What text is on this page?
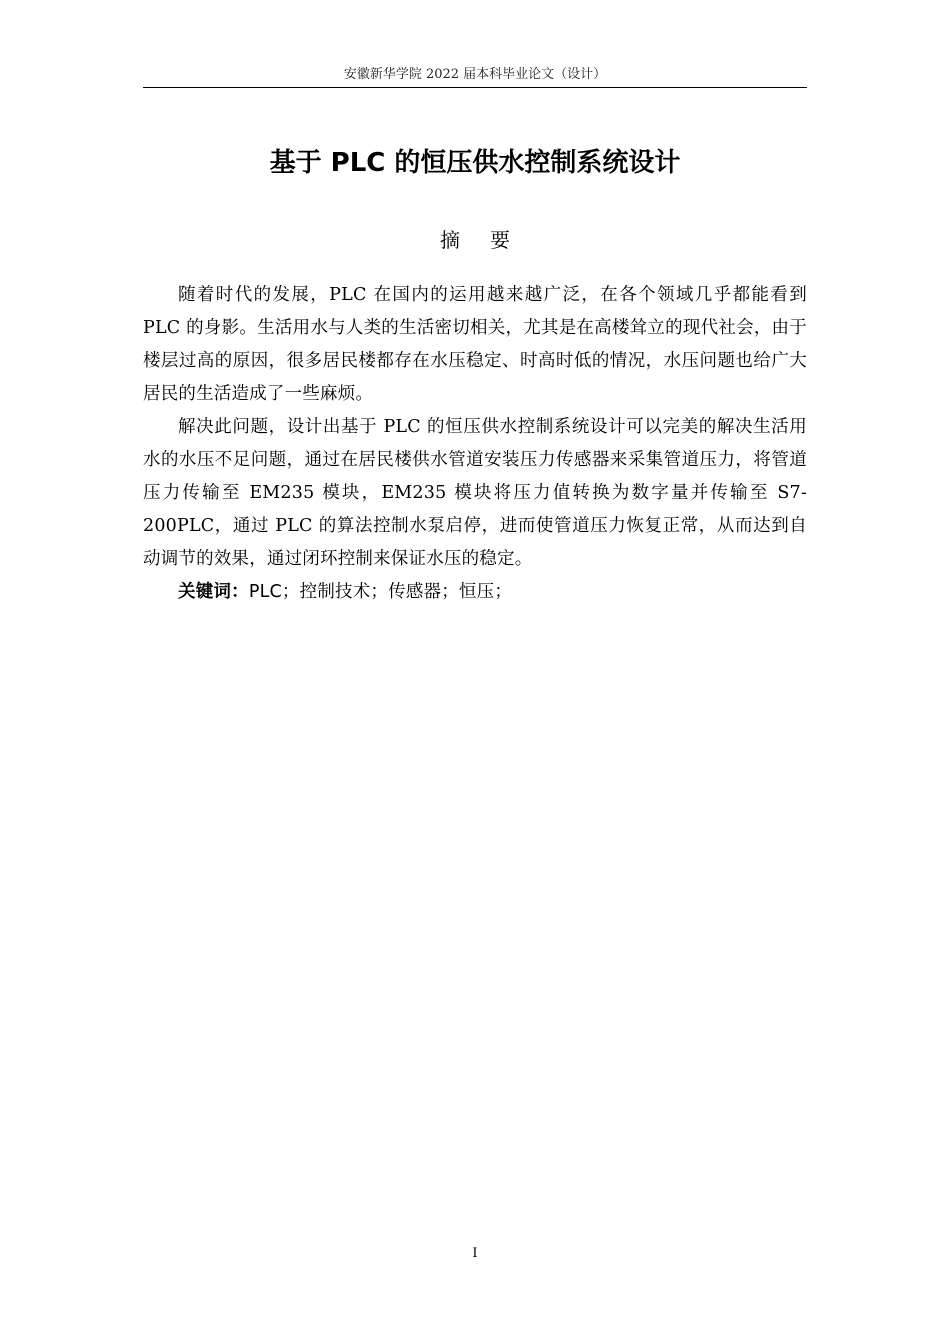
安徽新华学院 2022 届本科毕业论文（设计）
基于 PLC 的恒压供水控制系统设计
摘 要

随着时代的发展，PLC 在国内的运用越来越广泛，在各个领域几乎都能看到 PLC 的身影。生活用水与人类的生活密切相关，尤其是在高楼耸立的现代社会，由于楼层过高的原因，很多居民楼都存在水压稳定、时高时低的情况，水压问题也给广大居民的生活造成了一些麻烦。

解决此问题，设计出基于 PLC 的恒压供水控制系统设计可以完美的解决生活用水的水压不足问题，通过在居民楼供水管道安装压力传感器来采集管道压力，将管道压力传输至 EM235 模块，EM235 模块将压力值转换为数字量并传输至 S7-200PLC，通过 PLC 的算法控制水泵启停，进而使管道压力恢复正常，从而达到自动调节的效果，通过闭环控制来保证水压的稳定。

关键词：PLC；控制技术；传感器；恒压；

I
